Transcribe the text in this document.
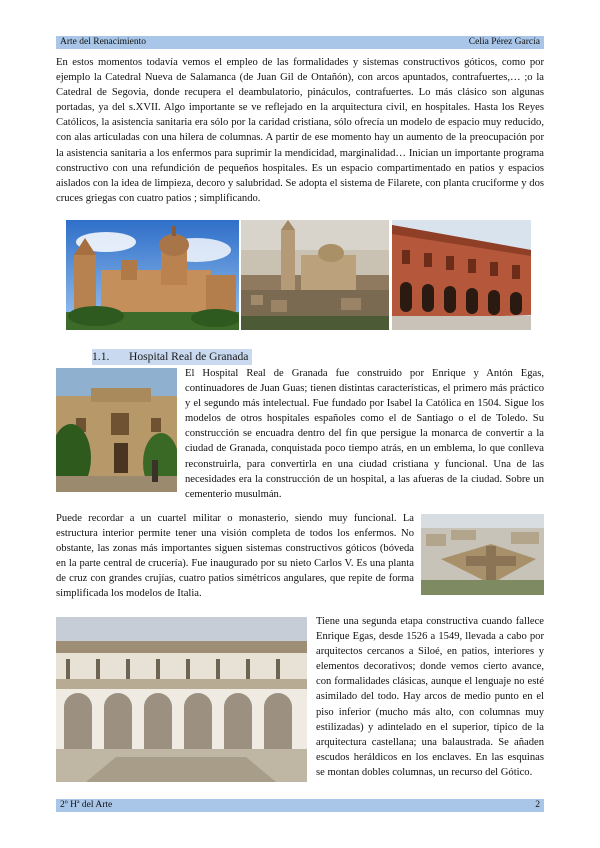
Arte del Renacimiento	Celia Pérez García

En estos momentos todavía vemos el empleo de las formalidades y sistemas constructivos góticos, como por ejemplo la Catedral Nueva de Salamanca (de Juan Gil de Ontañón), con arcos apuntados, contrafuertes,… ;o la Catedral de Segovia, donde recupera el deambulatorio, pináculos, contrafuertes. Lo más clásico son algunas portadas, ya del s.XVII. Algo importante se ve reflejado en la arquitectura civil, en hospitales. Hasta los Reyes Católicos, la asistencia sanitaria era sólo por la caridad cristiana, sólo ofrecía un modelo de espacio muy reducido, con alas articuladas con una hilera de columnas. A partir de ese momento hay un aumento de la preocupación por la asistencia sanitaria a los enfermos para suprimir la mendicidad, marginalidad… Inician un importante programa constructivo con una refundición de pequeños hospitales. Es un espacio compartimentado en patios y espacios aislados con la idea de limpieza, decoro y salubridad. Se adopta el sistema de Filarete, con planta cruciforme y dos cruces griegas con cuatro patios ; simplificando.

1.1. Hospital Real de Granada

El Hospital Real de Granada fue construido por Enrique y Antón Egas, continuadores de Juan Guas; tienen distintas características, el primero más práctico y el segundo más intelectual. Fue fundado por Isabel la Católica en 1504. Sigue los modelos de otros hospitales españoles como el de Santiago o el de Toledo. Su construcción se encuadra dentro del fin que persigue la monarca de convertir a la ciudad de Granada, conquistada poco tiempo atrás, en un emblema, lo que conlleva reconstruirla, para convertirla en una ciudad cristiana y funcional. Una de las necesidades era la construcción de un hospital, a las afueras de la ciudad. Sobre un cementerio musulmán.

Puede recordar a un cuartel militar o monasterio, siendo muy funcional. La estructura interior permite tener una visión completa de todos los enfermos. No obstante, las zonas más importantes siguen sistemas constructivos góticos (bóveda en la parte central de crucería). Fue inaugurado por su nieto Carlos V. Es una planta de cruz con grandes crujías, cuatro patios simétricos angulares, que repite de forma simplificada los modelos de Italia.

Tiene una segunda etapa constructiva cuando fallece Enrique Egas, desde 1526 a 1549, llevada a cabo por arquitectos cercanos a Siloé, en patios, interiores y elementos decorativos; donde vemos cierto avance, con formalidades clásicas, aunque el lenguaje no esté asimilado del todo. Hay arcos de medio punto en el piso inferior (mucho más alto, con columnas muy estilizadas) y adintelado en el superior, típico de la arquitectura castellana; una balaustrada. Se añaden escudos heráldicos en los enclaves. En las esquinas se montan dobles columnas, un recurso del Gótico.

2º Hª del Arte	2
